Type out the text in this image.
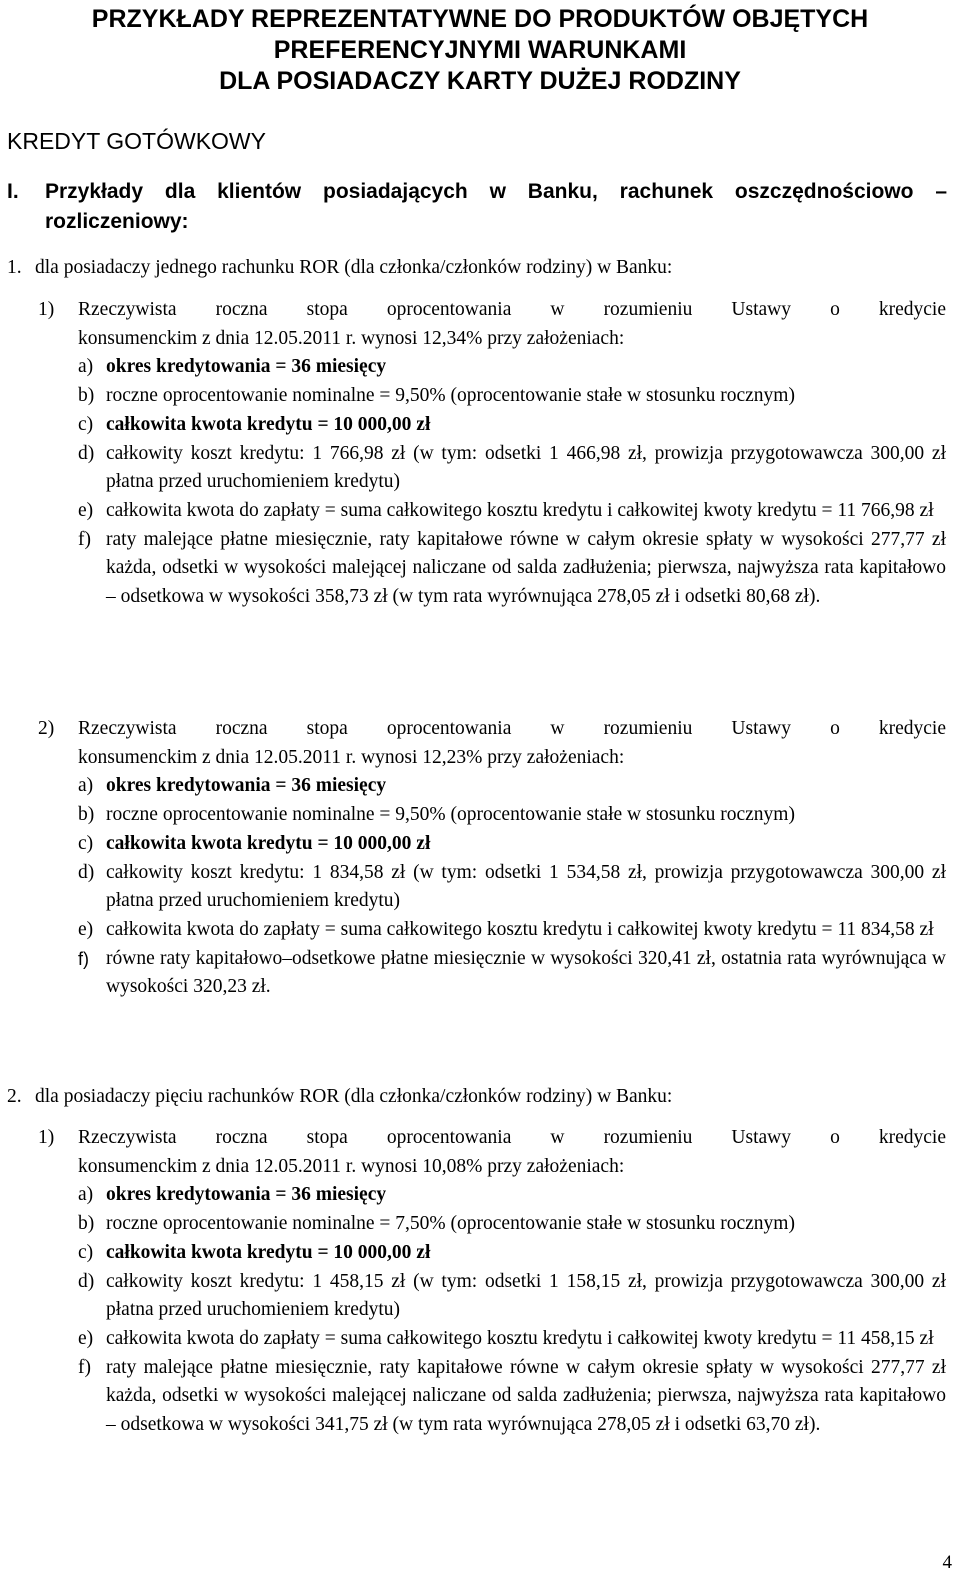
PRZYKŁADY REPREZENTATYWNE DO PRODUKTÓW OBJĘTYCH
PREFERENCYJNYMI WARUNKAMI
DLA POSIADACZY KARTY DUŻEJ RODZINY
KREDYT GOTÓWKOWY
I. Przykłady dla klientów posiadających w Banku, rachunek oszczędnościowo –
rozliczeniowy:
1. dla posiadaczy jednego rachunku ROR (dla członka/członków rodziny) w Banku:
1) Rzeczywista roczna stopa oprocentowania w rozumieniu Ustawy o kredycie
konsumenckim z dnia 12.05.2011 r. wynosi 12,34% przy założeniach:
a) okres kredytowania = 36 miesięcy
b) roczne oprocentowanie nominalne = 9,50% (oprocentowanie stałe w stosunku rocznym)
c) całkowita kwota kredytu = 10 000,00 zł
d) całkowity koszt kredytu: 1 766,98 zł (w tym: odsetki 1 466,98 zł, prowizja przygotowawcza 300,00 zł płatna przed uruchomieniem kredytu)
e) całkowita kwota do zapłaty = suma całkowitego kosztu kredytu i całkowitej kwoty kredytu = 11 766,98 zł
f) raty malejące płatne miesięcznie, raty kapitałowe równe w całym okresie spłaty w wysokości 277,77 zł każda, odsetki w wysokości malejącej naliczane od salda zadłużenia; pierwsza, najwyższa rata kapitałowo – odsetkowa w wysokości 358,73 zł (w tym rata wyrównująca 278,05 zł i odsetki 80,68 zł).
2) Rzeczywista roczna stopa oprocentowania w rozumieniu Ustawy o kredycie
konsumenckim z dnia 12.05.2011 r. wynosi 12,23% przy założeniach:
a) okres kredytowania = 36 miesięcy
b) roczne oprocentowanie nominalne = 9,50% (oprocentowanie stałe w stosunku rocznym)
c) całkowita kwota kredytu = 10 000,00 zł
d) całkowity koszt kredytu: 1 834,58 zł (w tym: odsetki 1 534,58 zł, prowizja przygotowawcza 300,00 zł płatna przed uruchomieniem kredytu)
e) całkowita kwota do zapłaty = suma całkowitego kosztu kredytu i całkowitej kwoty kredytu = 11 834,58 zł
f) równe raty kapitałowo–odsetkowe płatne miesięcznie w wysokości 320,41 zł, ostatnia rata wyrównująca w wysokości 320,23 zł.
2. dla posiadaczy pięciu rachunków ROR (dla członka/członków rodziny) w Banku:
1) Rzeczywista roczna stopa oprocentowania w rozumieniu Ustawy o kredycie
konsumenckim z dnia 12.05.2011 r. wynosi 10,08% przy założeniach:
a) okres kredytowania = 36 miesięcy
b) roczne oprocentowanie nominalne = 7,50% (oprocentowanie stałe w stosunku rocznym)
c) całkowita kwota kredytu = 10 000,00 zł
d) całkowity koszt kredytu: 1 458,15 zł (w tym: odsetki 1 158,15 zł, prowizja przygotowawcza 300,00 zł płatna przed uruchomieniem kredytu)
e) całkowita kwota do zapłaty = suma całkowitego kosztu kredytu i całkowitej kwoty kredytu = 11 458,15 zł
f) raty malejące płatne miesięcznie, raty kapitałowe równe w całym okresie spłaty w wysokości 277,77 zł każda, odsetki w wysokości malejącej naliczane od salda zadłużenia; pierwsza, najwyższa rata kapitałowo – odsetkowa w wysokości 341,75 zł (w tym rata wyrównująca 278,05 zł i odsetki 63,70 zł).
4
